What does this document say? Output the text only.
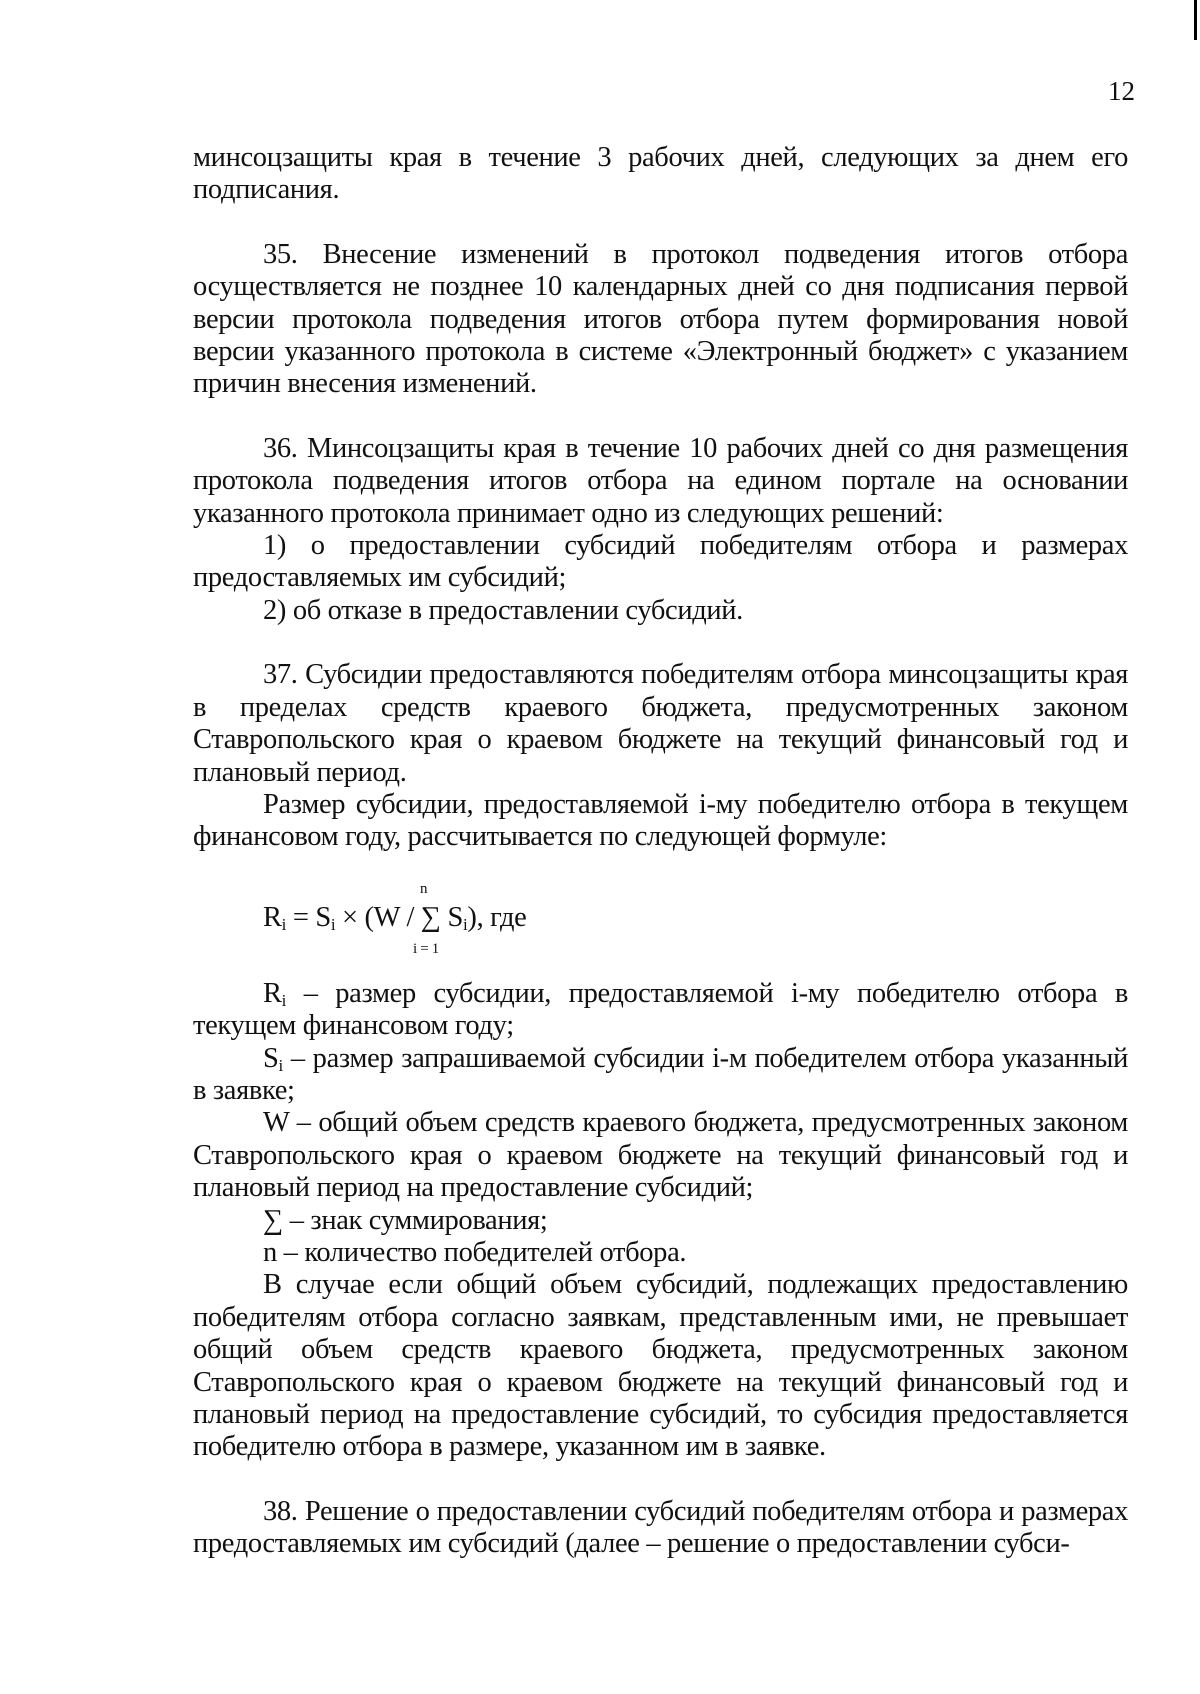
12

минсоцзащиты края в течение 3 рабочих дней, следующих за днем его подписания.

35. Внесение изменений в протокол подведения итогов отбора осуществляется не позднее 10 календарных дней со дня подписания первой версии протокола подведения итогов отбора путем формирования новой версии указанного протокола в системе «Электронный бюджет» с указанием причин внесения изменений.

36. Минсоцзащиты края в течение 10 рабочих дней со дня размещения протокола подведения итогов отбора на едином портале на основании указанного протокола принимает одно из следующих решений:

1) о предоставлении субсидий победителям отбора и размерах предоставляемых им субсидий;

2) об отказе в предоставлении субсидий.

37. Субсидии предоставляются победителям отбора минсоцзащиты края в пределах средств краевого бюджета, предусмотренных законом Ставропольского края о краевом бюджете на текущий финансовый год и плановый период.

Размер субсидии, предоставляемой i-му победителю отбора в текущем финансовом году, рассчитывается по следующей формуле:

n
$R_i = S_i \times (W$ / ∑ $S_i$), где
i = 1

$R_i$ – размер субсидии, предоставляемой i-му победителю отбора в текущем финансовом году;

$S_i$ – размер запрашиваемой субсидии i-м победителем отбора указанный в заявке;

W – общий объем средств краевого бюджета, предусмотренных законом Ставропольского края о краевом бюджете на текущий финансовый год и плановый период на предоставление субсидий;

∑ – знак суммирования;

n – количество победителей отбора.

В случае если общий объем субсидий, подлежащих предоставлению победителям отбора согласно заявкам, представленным ими, не превышает общий объем средств краевого бюджета, предусмотренных законом Ставропольского края о краевом бюджете на текущий финансовый год и плановый период на предоставление субсидий, то субсидия предоставляется победителю отбора в размере, указанном им в заявке.

38. Решение о предоставлении субсидий победителям отбора и размерах предоставляемых им субсидий (далее – решение о предоставлении субси-
